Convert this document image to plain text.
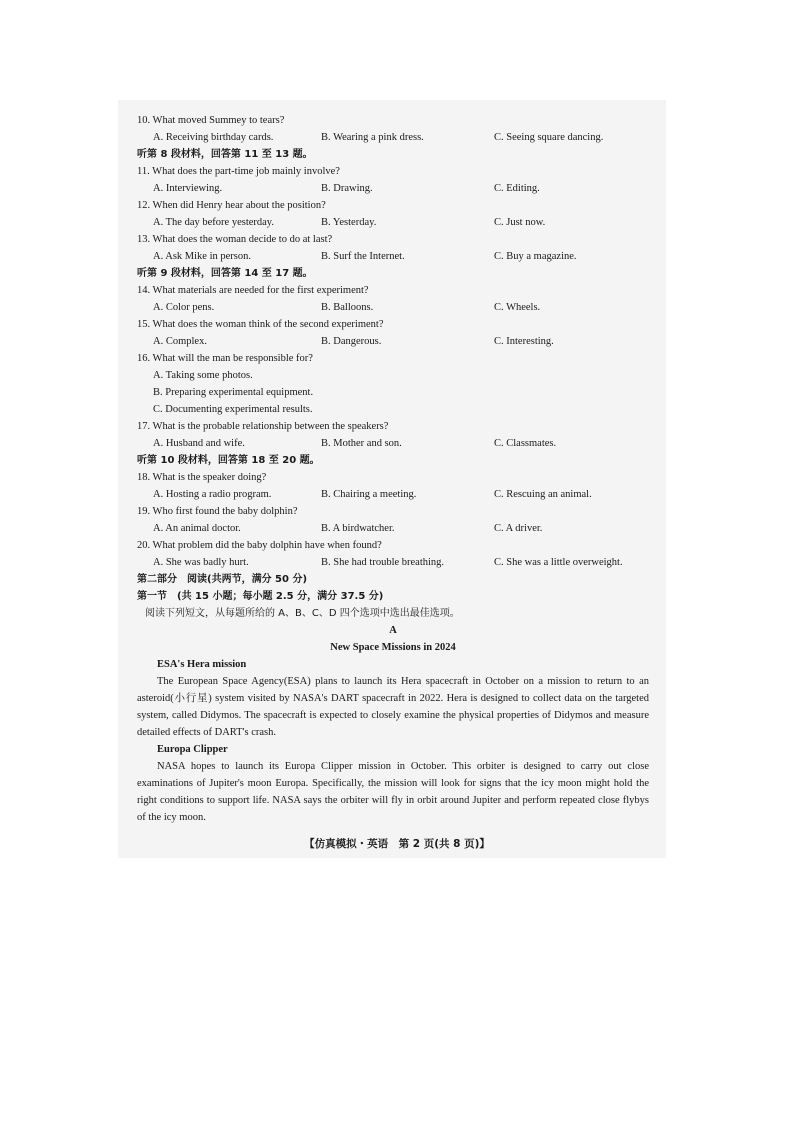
10. What moved Summey to tears?
A. Receiving birthday cards.	B. Wearing a pink dress.	C. Seeing square dancing.
听第 8 段材料，回答第 11 至 13 题。
11. What does the part-time job mainly involve?
A. Interviewing.	B. Drawing.	C. Editing.
12. When did Henry hear about the position?
A. The day before yesterday.	B. Yesterday.	C. Just now.
13. What does the woman decide to do at last?
A. Ask Mike in person.	B. Surf the Internet.	C. Buy a magazine.
听第 9 段材料，回答第 14 至 17 题。
14. What materials are needed for the first experiment?
A. Color pens.	B. Balloons.	C. Wheels.
15. What does the woman think of the second experiment?
A. Complex.	B. Dangerous.	C. Interesting.
16. What will the man be responsible for?
A. Taking some photos.
B. Preparing experimental equipment.
C. Documenting experimental results.
17. What is the probable relationship between the speakers?
A. Husband and wife.	B. Mother and son.	C. Classmates.
听第 10 段材料，回答第 18 至 20 题。
18. What is the speaker doing?
A. Hosting a radio program.	B. Chairing a meeting.	C. Rescuing an animal.
19. Who first found the baby dolphin?
A. An animal doctor.	B. A birdwatcher.	C. A driver.
20. What problem did the baby dolphin have when found?
A. She was badly hurt.	B. She had trouble breathing.	C. She was a little overweight.
第二部分　阅读(共两节，满分 50 分)
第一节　(共 15 小题；每小题 2.5 分，满分 37.5 分)
阅读下列短文，从每题所给的 A、B、C、D 四个选项中选出最佳选项。
A
New Space Missions in 2024
ESA's Hera mission

The European Space Agency(ESA) plans to launch its Hera spacecraft in October on a mission to return to an asteroid(小行星) system visited by NASA's DART spacecraft in 2022. Hera is designed to collect data on the targeted system, called Didymos. The spacecraft is expected to closely examine the physical properties of Didymos and measure detailed effects of DART's crash.

Europa Clipper

NASA hopes to launch its Europa Clipper mission in October. This orbiter is designed to carry out close examinations of Jupiter's moon Europa. Specifically, the mission will look for signs that the icy moon might hold the right conditions to support life. NASA says the orbiter will fly in orbit around Jupiter and perform repeated close flybys of the icy moon.

【仿真模拟・英语　第 2 页(共 8 页)】
